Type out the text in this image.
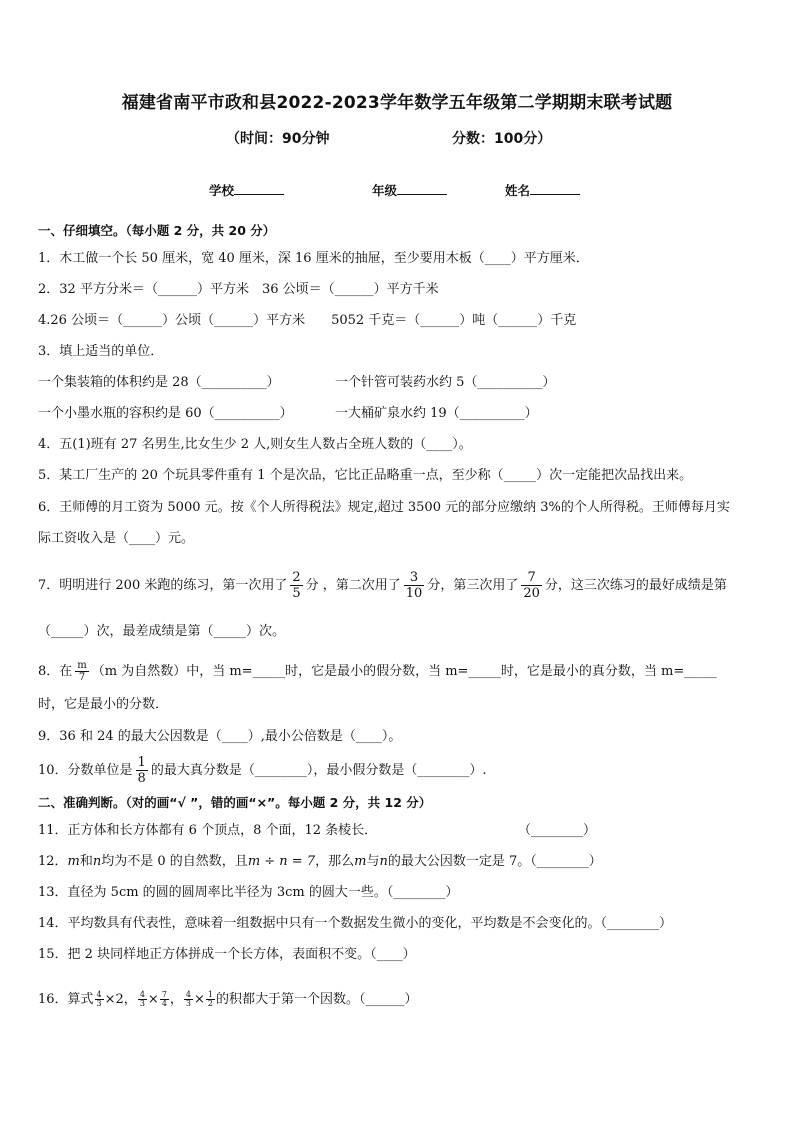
福建省南平市政和县2022-2023学年数学五年级第二学期期末联考试题
（时间：90分钟	分数：100分）
学校	年级	姓名
一、仔细填空。（每小题 2 分，共 20 分）
1．木工做一个长 50 厘米，宽 40 厘米，深 16 厘米的抽屉，至少要用木板（____）平方厘米．
2．32 平方分米＝（______）平方米　36 公顷＝（______）平方千米
4.26 公顷＝（______）公顷（______）平方米　　5052 千克＝（______）吨（______）千克
3．填上适当的单位．
一个集装箱的体积约是 28（__________）	一个针管可装药水约 5（__________）
一个小墨水瓶的容积约是 60（__________）	一大桶矿泉水约 19（__________）
4．五(1)班有 27 名男生,比女生少 2 人,则女生人数占全班人数的（____）。
5．某工厂生产的 20 个玩具零件重有 1 个是次品，它比正品略重一点，至少称（_____）次一定能把次品找出来。
6．王师傅的月工资为 5000 元。按《个人所得税法》规定,超过 3500 元的部分应缴纳 3%的个人所得税。王师傅每月实
际工资收入是（____）元。
7．明明进行 200 米跑的练习，第一次用了 $\frac{2}{5}$ 分 ，第二次用了 $\frac{3}{10}$ 分，第三次用了 $\frac{7}{20}$ 分，这三次练习的最好成绩是第
（_____）次，最差成绩是第（_____）次。
8．在 $\frac{m}{7} (m$ 为自然数）中，当 m=_____时，它是最小的假分数，当 m=_____时，它是最小的真分数，当 m=_____
时，它是最小的分数．
9．36 和 24 的最大公因数是（____）,最小公倍数是（____）。
10．分数单位是 $\frac{1}{8}$ 的最大真分数是（________），最小假分数是（________）.
二、准确判断。（对的画“√ ”，错的画“×”。每小题 2 分，共 12 分）
11．正方体和长方体都有 6 个顶点，8 个面，12 条棱长．	（________）
12．m和n均为不是 0 的自然数，且m ÷ n = 7，那么m与n的最大公因数一定是 7。（________）
13．直径为 5cm 的圆的圆周率比半径为 3cm 的圆大一些。（________）
14．平均数具有代表性，意味着一组数据中只有一个数据发生微小的变化，平均数是不会变化的。（________）
15．把 2 块同样地正方体拼成一个长方体，表面积不变。（____）
16．算式 $\frac{4}{3} \times 2$， $\frac{4}{3} \times \frac{7}{4}$ ， $\frac{4}{3} \times \frac{1}{2}$ 的积都大于第一个因数。（______）
